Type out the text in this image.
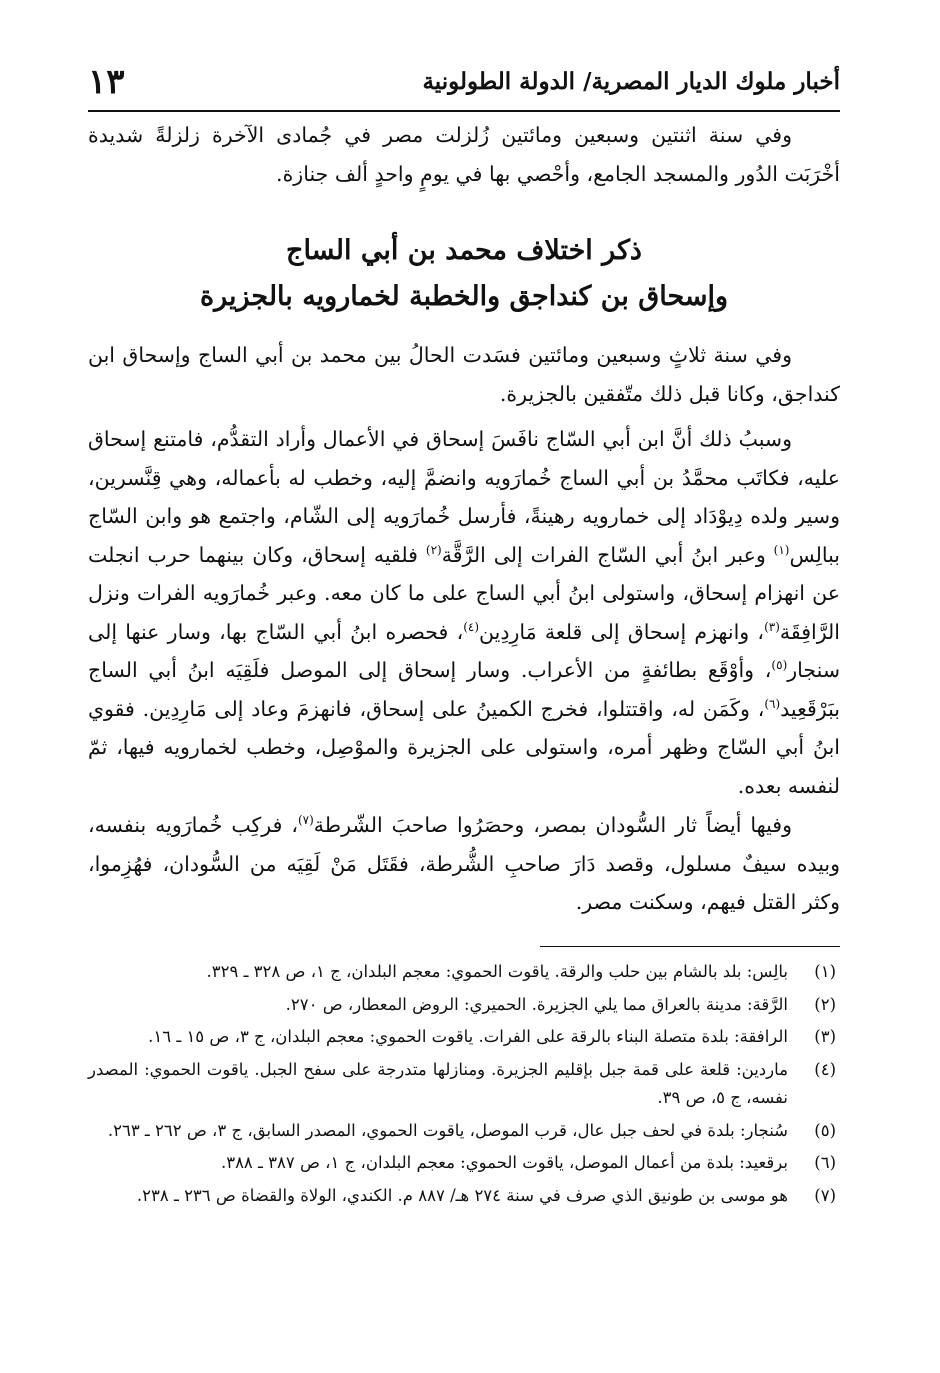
أخبار ملوك الديار المصرية/ الدولة الطولونية
١٣

وفي سنة اثنتين وسبعين ومائتين زُلزلت مصر في جُمادى الآخرة زلزلةً شديدة أخْرَبَت الدُور والمسجد الجامع، وأحْصي بها في يومٍ واحدٍ ألف جنازة.

ذكر اختلاف محمد بن أبي الساج
وإسحاق بن كنداجق والخطبة لخمارويه بالجزيرة

وفي سنة ثلاثٍ وسبعين ومائتين فسَدت الحالُ بين محمد بن أبي الساج وإسحاق ابن كنداجق، وكانا قبل ذلك متّفقين بالجزيرة.

وسببُ ذلك أنَّ ابن أبي السّاج نافَسَ إسحاق في الأعمال وأراد التقدُّم، فامتنع إسحاق عليه، فكاتَب محمَّدُ بن أبي الساج خُمارَويه وانضمَّ إليه، وخطب له بأعماله، وهي قِنَّسرين، وسير ولده دِيوْدَاد إلى خمارويه رهينةً، فأرسل خُمارَويه إلى الشّام، واجتمع هو وابن السّاج ببالِس$^{(١)}$ وعبر ابنُ أبي السّاج الفرات إلى الرَّقَّة$^{(٢)}$ فلقيه إسحاق، وكان بينهما حرب انجلت عن انهزام إسحاق، واستولى ابنُ أبي الساج على ما كان معه. وعبر خُمارَويه الفرات ونزل الرَّافِقَة$^{(٣)}$، وانهزم إسحاق إلى قلعة مَارِدِين$^{(٤)}$، فحصره ابنُ أبي السّاج بها، وسار عنها إلى سنجار$^{(٥)}$، وأوْقَع بطائفةٍ من الأعراب. وسار إسحاق إلى الموصل فلَقِيَه ابنُ أبي الساج ببَرْقَعِيد$^{(٦)}$، وكَمَن له، واقتتلوا، فخرج الكمينُ على إسحاق، فانهزمَ وعاد إلى مَارِدِين. فقوي ابنُ أبي السّاج وظهر أمره، واستولى على الجزيرة والموْصِل، وخطب لخمارويه فيها، ثمّ لنفسه بعده.

وفيها أيضاً ثار السُّودان بمصر، وحصَرُوا صاحبَ الشّرطة$^{(٧)}$، فركِب خُمارَويه بنفسه، وبيده سيفٌ مسلول، وقصد دَارَ صاحبِ الشُّرطة، فقَتَل مَنْ لَقِيَه من السُّودان، فهُزِموا، وكثر القتل فيهم، وسكنت مصر.

(١)
بالِس: بلد بالشام بين حلب والرقة. ياقوت الحموي: معجم البلدان، ج ١، ص ٣٢٨ ـ ٣٢٩.
(٢)
الرَّقة: مدينة بالعراق مما يلي الجزيرة. الحميري: الروض المعطار، ص ٢٧٠.
(٣)
الرافقة: بلدة متصلة البناء بالرقة على الفرات. ياقوت الحموي: معجم البلدان، ج ٣، ص ١٥ ـ ١٦.
(٤)
ماردين: قلعة على قمة جبل بإقليم الجزيرة. ومنازلها متدرجة على سفح الجبل. ياقوت الحموي: المصدر نفسه، ج ٥، ص ٣٩.
(٥)
سُنجار: بلدة في لحف جبل عال، قرب الموصل، ياقوت الحموي، المصدر السابق، ج ٣، ص ٢٦٢ ـ ٢٦٣.
(٦)
برقعيد: بلدة من أعمال الموصل، ياقوت الحموي: معجم البلدان، ج ١، ص ٣٨٧ ـ ٣٨٨.
(٧)
هو موسى بن طونيق الذي صرف في سنة ٢٧٤ هـ/ ٨٨٧ م. الكندي، الولاة والقضاة ص ٢٣٦ ـ ٢٣٨.
